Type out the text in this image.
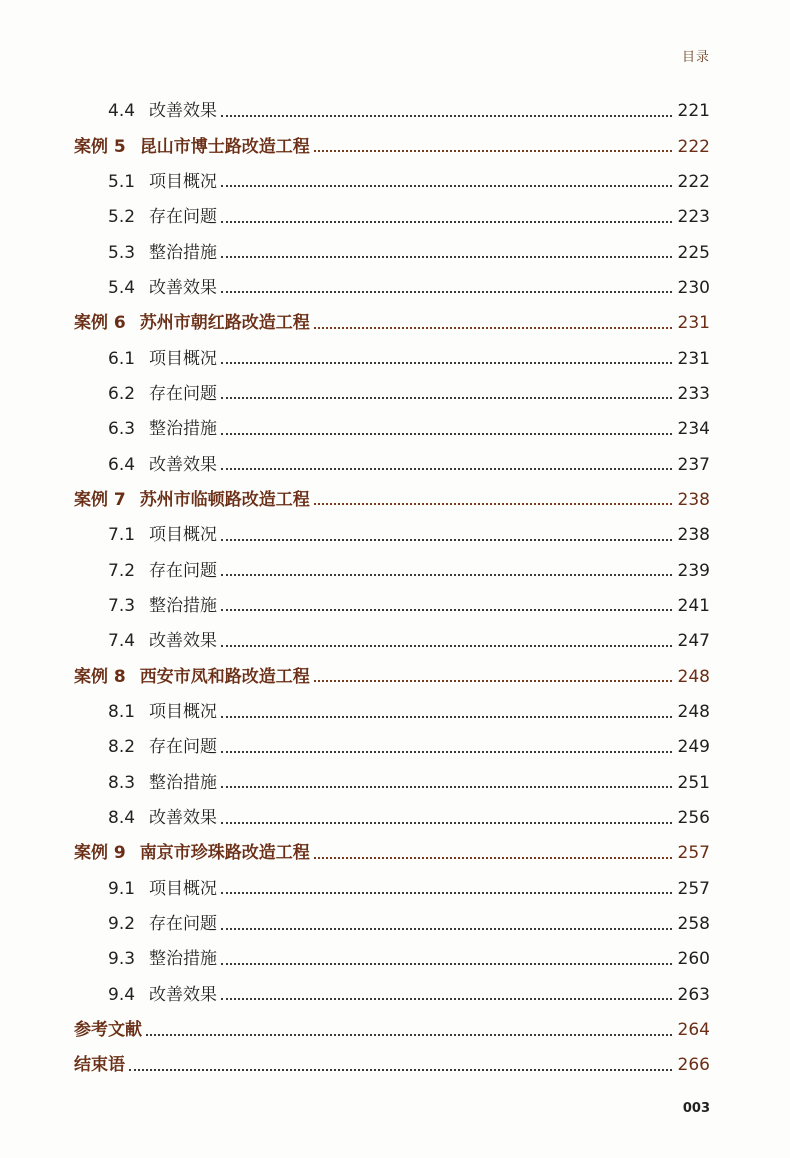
目录
4.4 改善效果	221
案例 5 昆山市博士路改造工程	222
5.1 项目概况	222
5.2 存在问题	223
5.3 整治措施	225
5.4 改善效果	230
案例 6 苏州市朝红路改造工程	231
6.1 项目概况	231
6.2 存在问题	233
6.3 整治措施	234
6.4 改善效果	237
案例 7 苏州市临顿路改造工程	238
7.1 项目概况	238
7.2 存在问题	239
7.3 整治措施	241
7.4 改善效果	247
案例 8 西安市凤和路改造工程	248
8.1 项目概况	248
8.2 存在问题	249
8.3 整治措施	251
8.4 改善效果	256
案例 9 南京市珍珠路改造工程	257
9.1 项目概况	257
9.2 存在问题	258
9.3 整治措施	260
9.4 改善效果	263
参考文献	264
结束语	266
003
